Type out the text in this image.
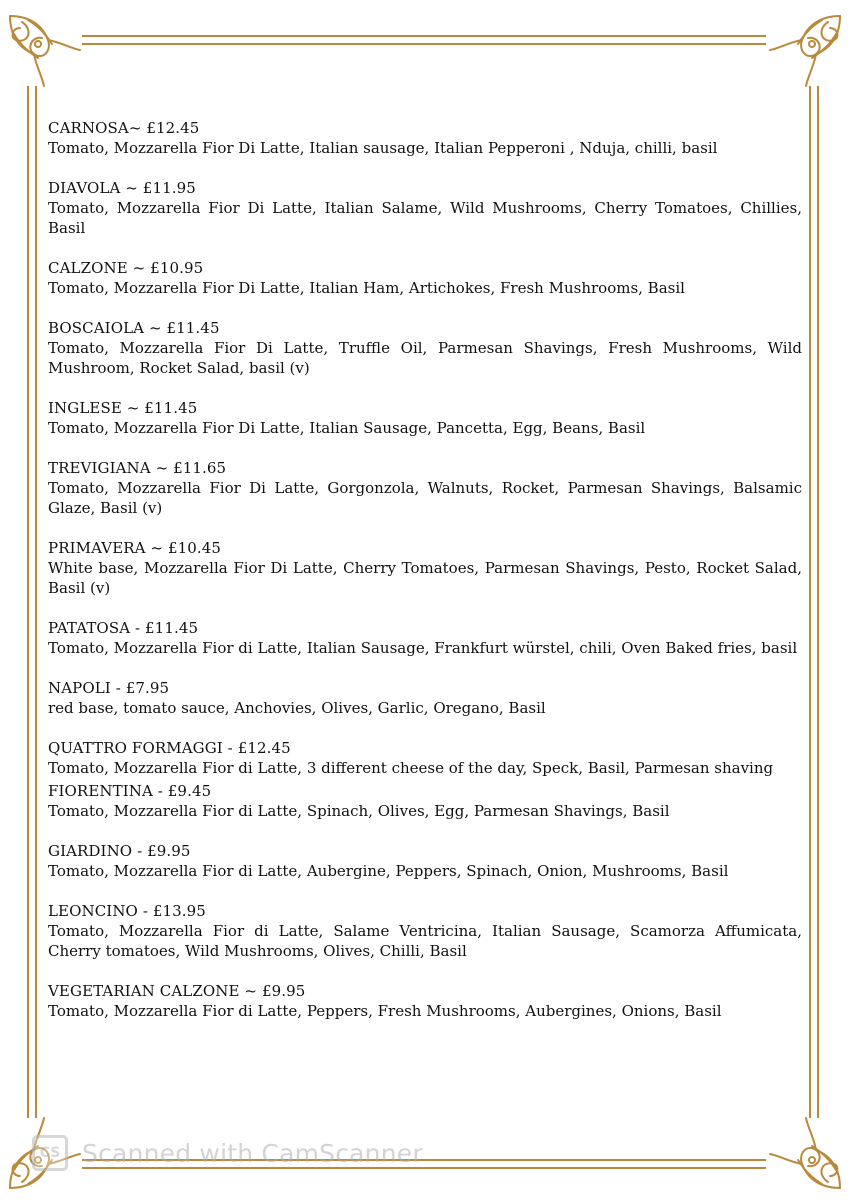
CARNOSA~ £12.45
Tomato, Mozzarella Fior Di Latte, Italian sausage, Italian Pepperoni , Nduja, chilli, basil
DIAVOLA ~ £11.95
Tomato, Mozzarella Fior Di Latte, Italian Salame, Wild Mushrooms, Cherry Tomatoes, Chillies, Basil
CALZONE ~ £10.95
Tomato, Mozzarella Fior Di Latte, Italian Ham, Artichokes, Fresh Mushrooms, Basil
BOSCAIOLA ~ £11.45
Tomato, Mozzarella Fior Di Latte, Truffle Oil, Parmesan Shavings, Fresh Mushrooms, Wild Mushroom, Rocket Salad, basil (v)
INGLESE ~ £11.45
Tomato, Mozzarella Fior Di Latte, Italian Sausage, Pancetta, Egg, Beans, Basil
TREVIGIANA ~ £11.65
Tomato, Mozzarella Fior Di Latte, Gorgonzola, Walnuts, Rocket, Parmesan Shavings, Balsamic Glaze, Basil (v)
PRIMAVERA ~ £10.45
White base, Mozzarella Fior Di Latte, Cherry Tomatoes, Parmesan Shavings, Pesto, Rocket Salad, Basil (v)
PATATOSA - £11.45
Tomato, Mozzarella Fior di Latte, Italian Sausage, Frankfurt würstel, chili, Oven Baked fries, basil
NAPOLI - £7.95
red base, tomato sauce, Anchovies, Olives, Garlic, Oregano, Basil
QUATTRO FORMAGGI - £12.45
Tomato, Mozzarella Fior di Latte, 3 different cheese of the day, Speck, Basil, Parmesan shaving
FIORENTINA - £9.45
Tomato, Mozzarella Fior di Latte, Spinach, Olives, Egg, Parmesan Shavings, Basil
GIARDINO - £9.95
Tomato, Mozzarella Fior di Latte, Aubergine, Peppers, Spinach, Onion, Mushrooms, Basil
LEONCINO - £13.95
Tomato, Mozzarella Fior di Latte, Salame Ventricina, Italian Sausage, Scamorza Affumicata, Cherry tomatoes, Wild Mushrooms, Olives, Chilli, Basil
VEGETARIAN CALZONE ~ £9.95
Tomato, Mozzarella Fior di Latte, Peppers, Fresh Mushrooms, Aubergines, Onions, Basil
CS Scanned with CamScanner
